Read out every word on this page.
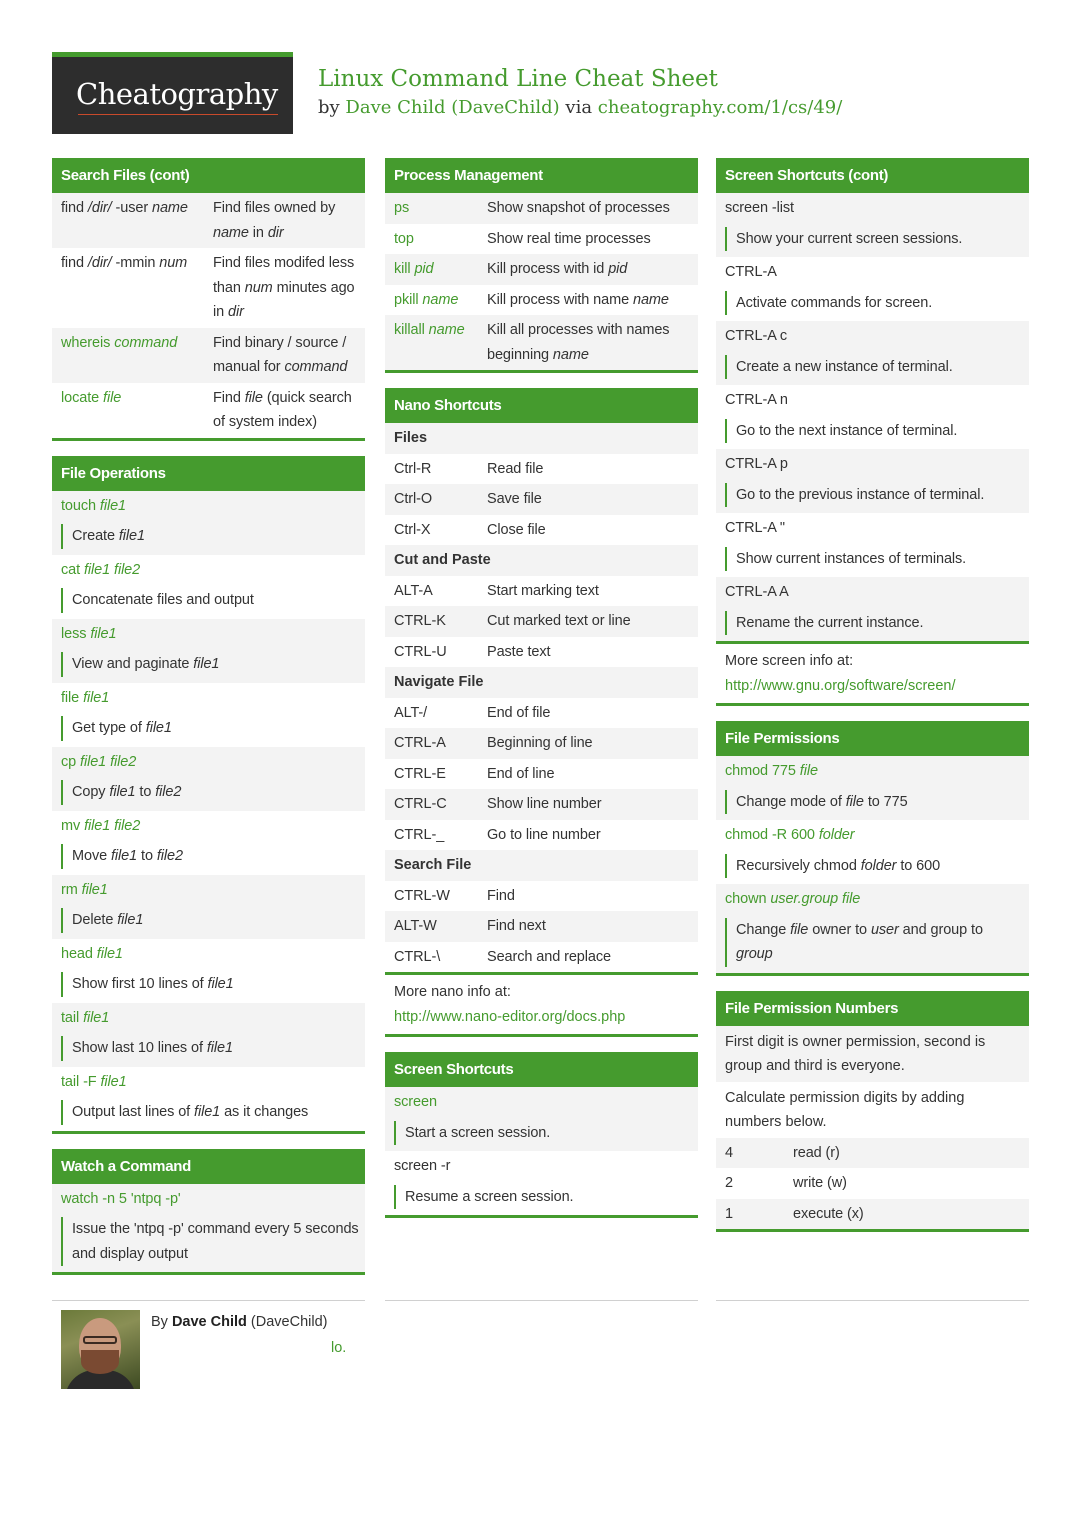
Cheatography Linux Command Line Cheat Sheet
by Dave Child (DaveChild) via cheatography.com/1/cs/49/
Search Files (cont)
find /dir/ -user name	Find files owned by name in dir
find /dir/ -mmin num	Find files modifed less than num minutes ago in dir
whereis command	Find binary / source / manual for command
locate file	Find file (quick search of system index)
File Operations
touch file1
Create file1
cat file1 file2
Concatenate files and output
less file1
View and paginate file1
file file1
Get type of file1
cp file1 file2
Copy file1 to file2
mv file1 file2
Move file1 to file2
rm file1
Delete file1
head file1
Show first 10 lines of file1
tail file1
Show last 10 lines of file1
tail -F file1
Output last lines of file1 as it changes
Watch a Command
watch -n 5 'ntpq -p'
Issue the 'ntpq -p' command every 5 seconds and display output
Process Management
ps	Show snapshot of processes
top	Show real time processes
kill pid	Kill process with id pid
pkill name	Kill process with name name
killall name	Kill all processes with names beginning name
Nano Shortcuts
Files
Ctrl-R	Read file
Ctrl-O	Save file
Ctrl-X	Close file
Cut and Paste
ALT-A	Start marking text
CTRL-K	Cut marked text or line
CTRL-U	Paste text
Navigate File
ALT-/	End of file
CTRL-A	Beginning of line
CTRL-E	End of line
CTRL-C	Show line number
CTRL-_	Go to line number
Search File
CTRL-W	Find
ALT-W	Find next
CTRL-\	Search and replace
More nano info at:
http://www.nano-editor.org/docs.php
Screen Shortcuts
screen
Start a screen session.
screen -r
Resume a screen session.
Screen Shortcuts (cont)
screen -list
Show your current screen sessions.
CTRL-A
Activate commands for screen.
CTRL-A c
Create a new instance of terminal.
CTRL-A n
Go to the next instance of terminal.
CTRL-A p
Go to the previous instance of terminal.
CTRL-A "
Show current instances of terminals.
CTRL-A A
Rename the current instance.
More screen info at:
http://www.gnu.org/software/screen/
File Permissions
chmod 775 file
Change mode of file to 775
chmod -R 600 folder
Recursively chmod folder to 600
chown user.group file
Change file owner to user and group to group
File Permission Numbers
First digit is owner permission, second is group and third is everyone.
Calculate permission digits by adding numbers below.
4	read (r)
2	write (w)
1	execute (x)
By Dave Child (DaveChild)
lo.
